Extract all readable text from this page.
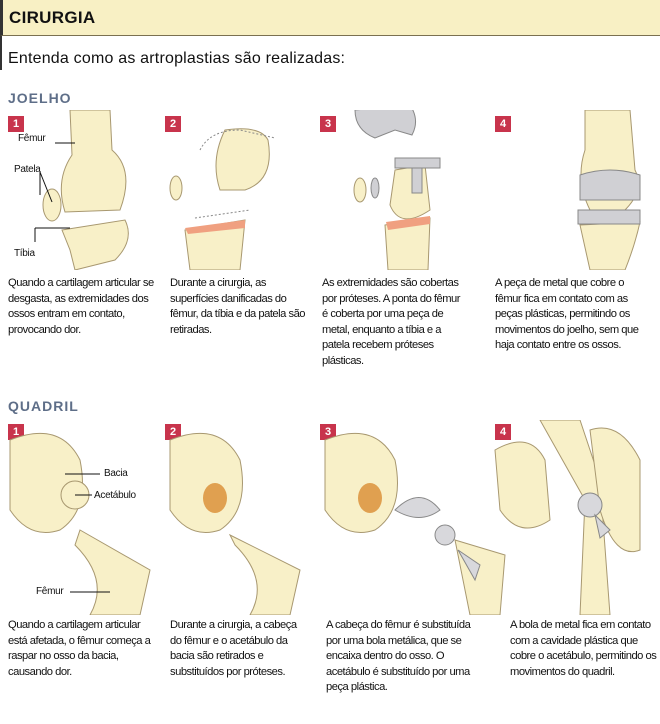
CIRURGIA
Entenda como as artroplastias são realizadas:
JOELHO
1	2	3	4
Fêmur
Patela
Tíbia
Quando a cartilagem articular se desgasta, as extremidades dos ossos entram em contato, provocando dor.
Durante a cirurgia, as superfícies danificadas do fêmur, da tíbia e da patela são retiradas.
As extremidades são cobertas por próteses. A ponta do fêmur é coberta por uma peça de metal, enquanto a tíbia e a patela recebem próteses plásticas.
A peça de metal que cobre o fêmur fica em contato com as peças plásticas, permitindo os movimentos do joelho, sem que haja contato entre os ossos.
QUADRIL
1	2	3	4
Bacia
Acetábulo
Fêmur
Quando a cartilagem articular está afetada, o fêmur começa a raspar no osso da bacia, causando dor.
Durante a cirurgia, a cabeça do fêmur e o acetábulo da bacia são retirados e substituídos por próteses.
A cabeça do fêmur é substituída por uma bola metálica, que se encaixa dentro do osso. O acetábulo é substituído por uma peça plástica.
A bola de metal fica em contato com a cavidade plástica que cobre o acetábulo, permitindo os movimentos do quadril.
